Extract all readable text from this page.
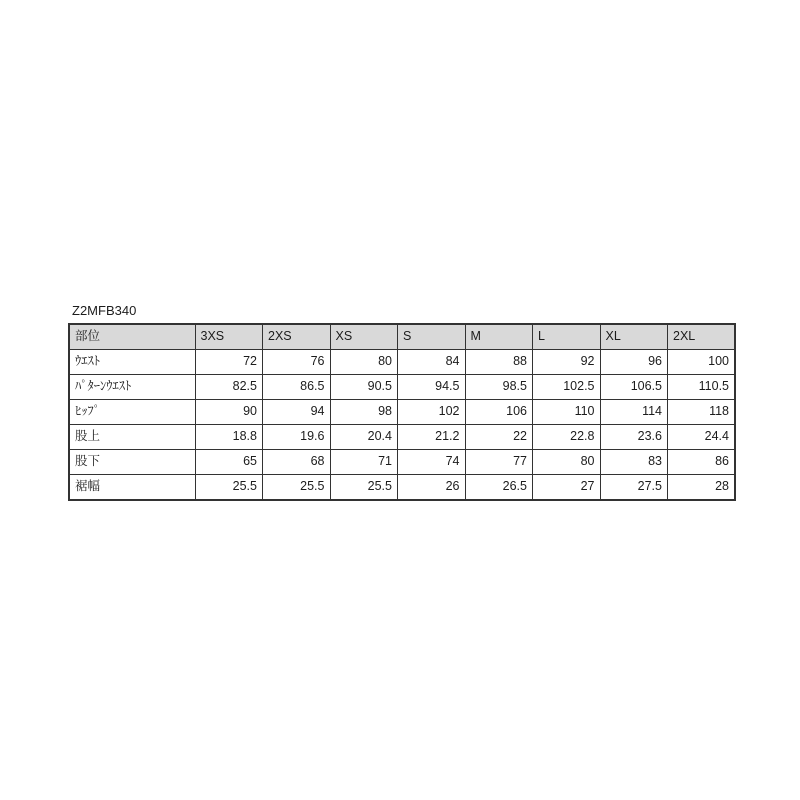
Z2MFB340
部位	3XS	2XS	XS	S	M	L	XL	2XL
ｳｴｽﾄ	72	76	80	84	88	92	96	100
ﾊﾟﾀｰﾝｳｴｽﾄ	82.5	86.5	90.5	94.5	98.5	102.5	106.5	110.5
ﾋｯﾌﾟ	90	94	98	102	106	110	114	118
股上	18.8	19.6	20.4	21.2	22	22.8	23.6	24.4
股下	65	68	71	74	77	80	83	86
裾幅	25.5	25.5	25.5	26	26.5	27	27.5	28
